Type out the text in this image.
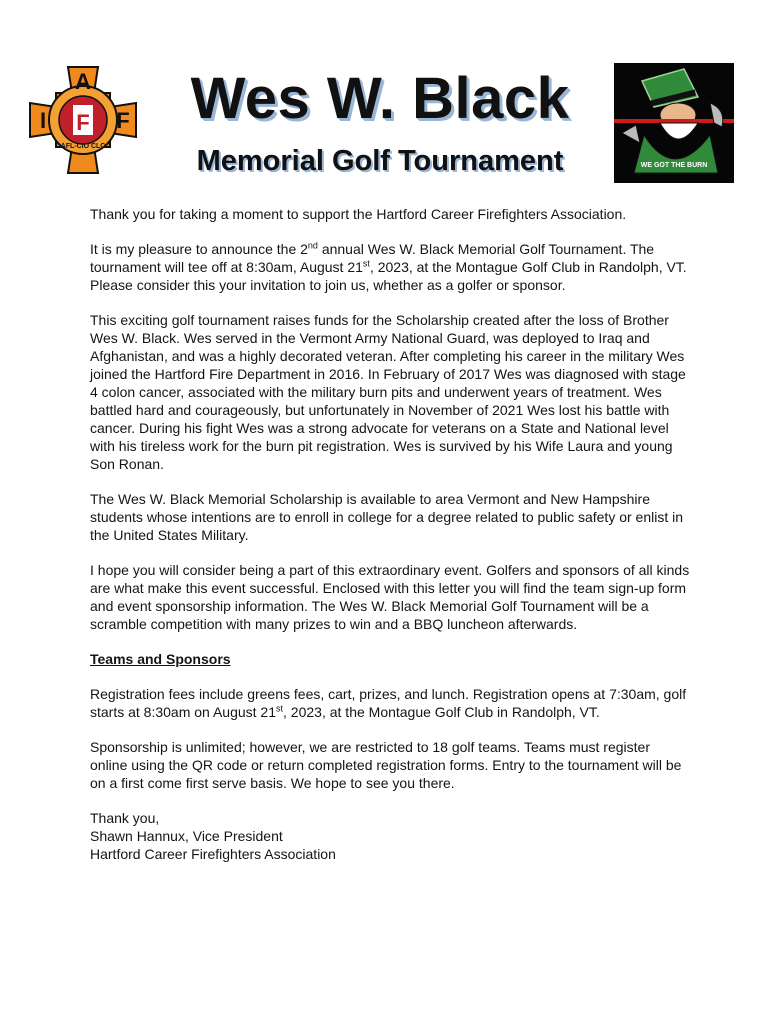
F
A
I	F
AFL-CIO CLC
Wes W. Black
Memorial Golf Tournament	WE GOT THE BURN

Thank you for taking a moment to support the Hartford Career Firefighters Association.

It is my pleasure to announce the 2nd annual Wes W. Black Memorial Golf Tournament. The tournament will tee off at 8:30am, August 21st, 2023, at the Montague Golf Club in Randolph, VT. Please consider this your invitation to join us, whether as a golfer or sponsor.

This exciting golf tournament raises funds for the Scholarship created after the loss of Brother Wes W. Black. Wes served in the Vermont Army National Guard, was deployed to Iraq and Afghanistan, and was a highly decorated veteran. After completing his career in the military Wes joined the Hartford Fire Department in 2016. In February of 2017 Wes was diagnosed with stage 4 colon cancer, associated with the military burn pits and underwent years of treatment. Wes battled hard and courageously, but unfortunately in November of 2021 Wes lost his battle with cancer. During his fight Wes was a strong advocate for veterans on a State and National level with his tireless work for the burn pit registration. Wes is survived by his Wife Laura and young Son Ronan.

The Wes W. Black Memorial Scholarship is available to area Vermont and New Hampshire students whose intentions are to enroll in college for a degree related to public safety or enlist in the United States Military.

I hope you will consider being a part of this extraordinary event. Golfers and sponsors of all kinds are what make this event successful. Enclosed with this letter you will find the team sign-up form and event sponsorship information. The Wes W. Black Memorial Golf Tournament will be a scramble competition with many prizes to win and a BBQ luncheon afterwards.

Teams and Sponsors

Registration fees include greens fees, cart, prizes, and lunch. Registration opens at 7:30am, golf starts at 8:30am on August 21st, 2023, at the Montague Golf Club in Randolph, VT.

Sponsorship is unlimited; however, we are restricted to 18 golf teams. Teams must register online using the QR code or return completed registration forms. Entry to the tournament will be on a first come first serve basis. We hope to see you there.

Thank you,

Shawn Hannux, Vice President

Hartford Career Firefighters Association
